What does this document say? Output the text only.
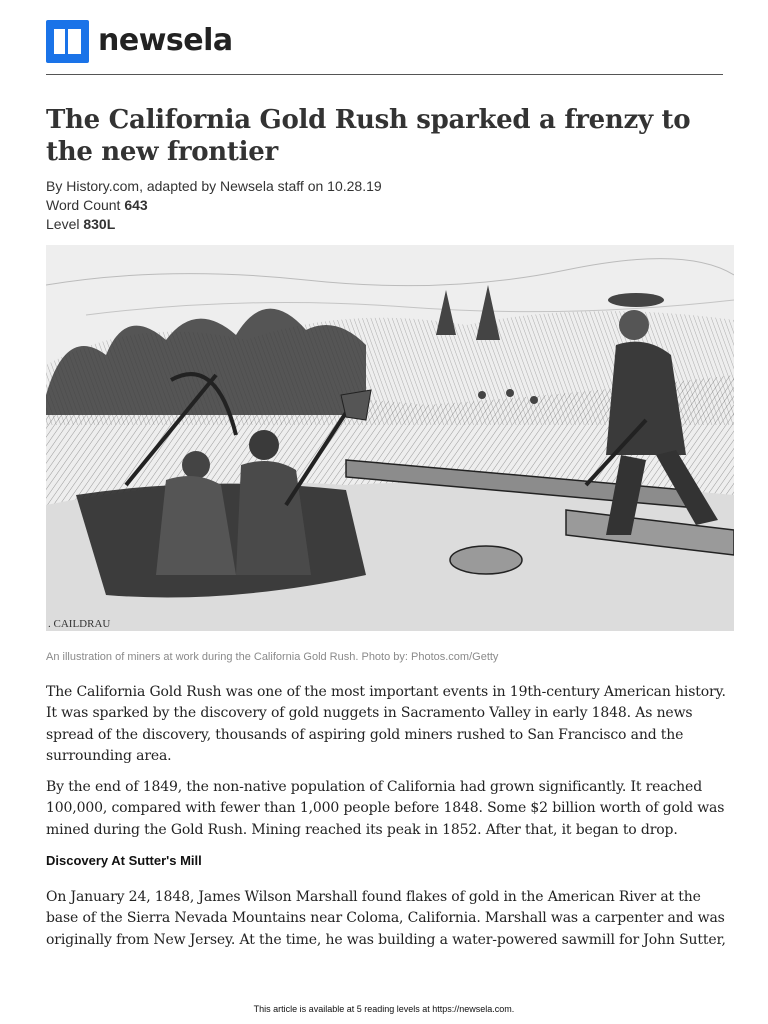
newsela
The California Gold Rush sparked a frenzy to the new frontier
By History.com, adapted by Newsela staff on 10.28.19
Word Count 643
Level 830L
. CAILDRAU
An illustration of miners at work during the California Gold Rush. Photo by: Photos.com/Getty

The California Gold Rush was one of the most important events in 19th-century American history. It was sparked by the discovery of gold nuggets in Sacramento Valley in early 1848. As news spread of the discovery, thousands of aspiring gold miners rushed to San Francisco and the surrounding area.

By the end of 1849, the non-native population of California had grown significantly. It reached 100,000, compared with fewer than 1,000 people before 1848. Some $2 billion worth of gold was mined during the Gold Rush. Mining reached its peak in 1852. After that, it began to drop.

Discovery At Sutter's Mill

On January 24, 1848, James Wilson Marshall found flakes of gold in the American River at the base of the Sierra Nevada Mountains near Coloma, California. Marshall was a carpenter and was originally from New Jersey. At the time, he was building a water-powered sawmill for John Sutter,

This article is available at 5 reading levels at https://newsela.com.
